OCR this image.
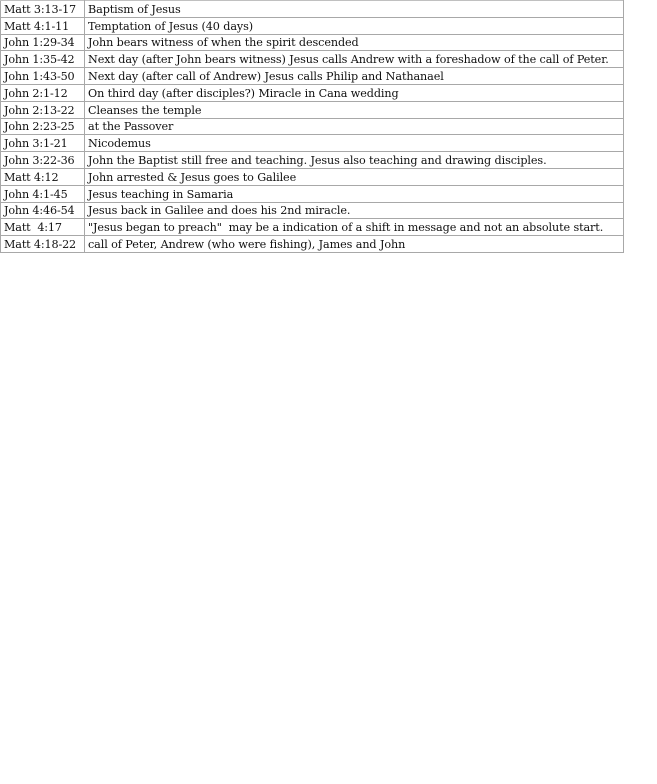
Matt 3:13-17	Baptism of Jesus
Matt 4:1-11	Temptation of Jesus (40 days)
John 1:29-34	John bears witness of when the spirit descended
John 1:35-42	Next day (after John bears witness) Jesus calls Andrew with a foreshadow of the call of Peter.
John 1:43-50	Next day (after call of Andrew) Jesus calls Philip and Nathanael
John 2:1-12	On third day (after disciples?) Miracle in Cana wedding
John 2:13-22	Cleanses the temple
John 2:23-25	at the Passover
John 3:1-21	Nicodemus
John 3:22-36	John the Baptist still free and teaching. Jesus also teaching and drawing disciples.
Matt 4:12	John arrested & Jesus goes to Galilee
John 4:1-45	Jesus teaching in Samaria
John 4:46-54	Jesus back in Galilee and does his 2nd miracle.
Matt  4:17	"Jesus began to preach"  may be a indication of a shift in message and not an absolute start.
Matt 4:18-22	call of Peter, Andrew (who were fishing), James and John
